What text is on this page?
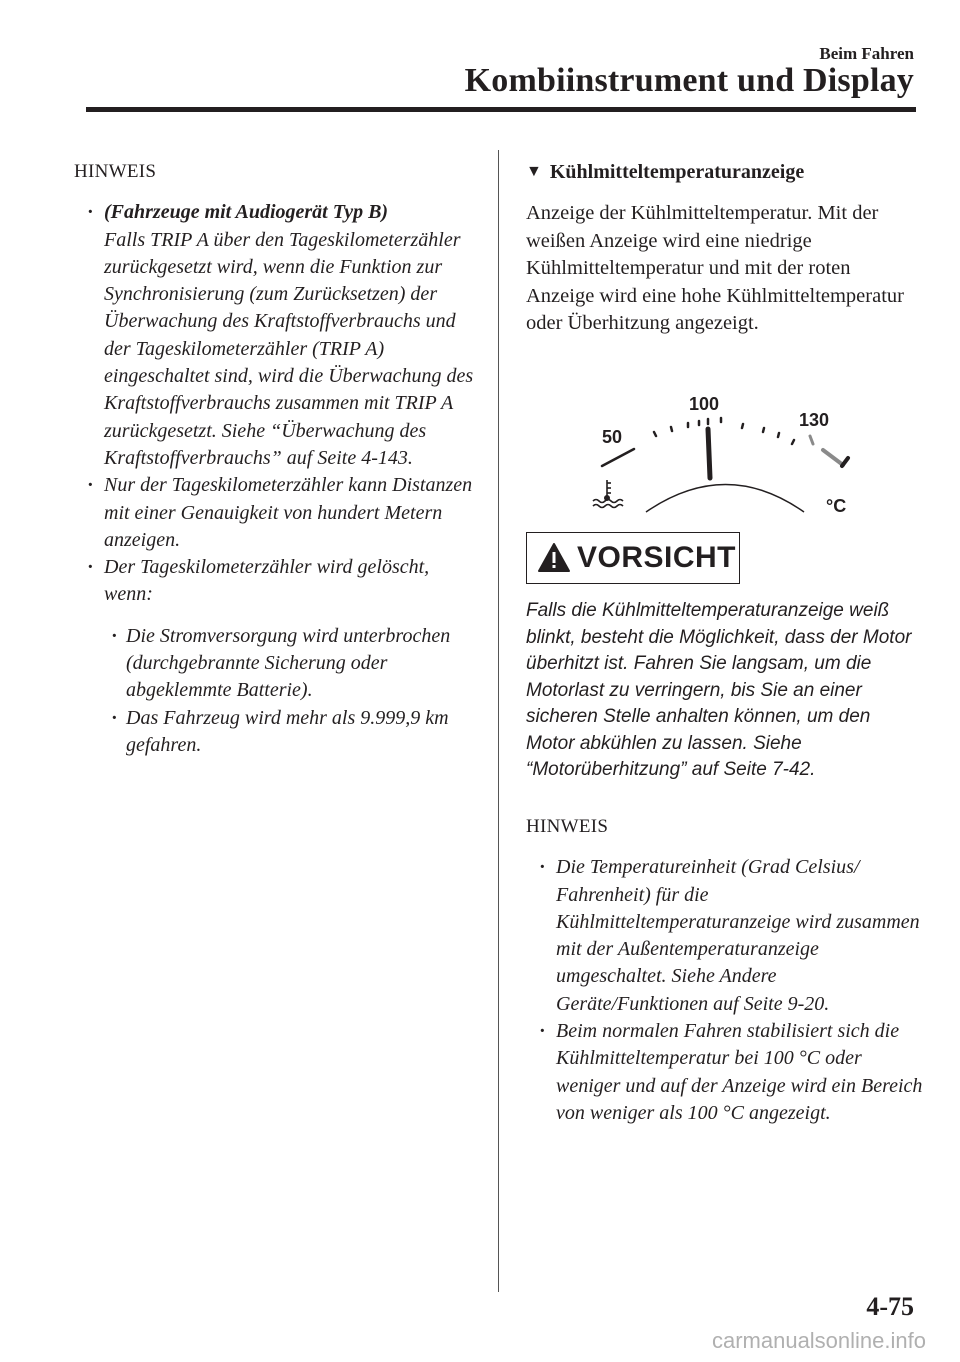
Beim Fahren
Kombiinstrument und Display
HINWEIS
· (Fahrzeuge mit Audiogerät Typ B)
Falls TRIP A über den Tageskilometerzähler zurückgesetzt wird, wenn die Funktion zur Synchronisierung (zum Zurücksetzen) der Überwachung des Kraftstoffverbrauchs und der Tageskilometerzähler (TRIP A) eingeschaltet sind, wird die Überwachung des Kraftstoffverbrauchs zusammen mit TRIP A zurückgesetzt. Siehe “Überwachung des Kraftstoffverbrauchs” auf Seite 4-143.
· Nur der Tageskilometerzähler kann Distanzen mit einer Genauigkeit von hundert Metern anzeigen.
· Der Tageskilometerzähler wird gelöscht, wenn:
· Die Stromversorgung wird unterbrochen (durchgebrannte Sicherung oder abgeklemmte Batterie).
· Das Fahrzeug wird mehr als 9.999,9 km gefahren.
▼ Kühlmitteltemperaturanzeige
Anzeige der Kühlmitteltemperatur. Mit der weißen Anzeige wird eine niedrige Kühlmitteltemperatur und mit der roten Anzeige wird eine hohe Kühlmitteltemperatur oder Überhitzung angezeigt.
50
100
130
°C
VORSICHT
Falls die Kühlmitteltemperaturanzeige weiß blinkt, besteht die Möglichkeit, dass der Motor überhitzt ist. Fahren Sie langsam, um die Motorlast zu verringern, bis Sie an einer sicheren Stelle anhalten können, um den Motor abkühlen zu lassen. Siehe “Motorüberhitzung” auf Seite 7-42.
HINWEIS
· Die Temperatureinheit (Grad Celsius/ Fahrenheit) für die Kühlmitteltemperaturanzeige wird zusammen mit der Außentemperaturanzeige umgeschaltet. Siehe Andere Geräte/Funktionen auf Seite 9-20.
· Beim normalen Fahren stabilisiert sich die Kühlmitteltemperatur bei 100 °C oder weniger und auf der Anzeige wird ein Bereich von weniger als 100 °C angezeigt.
4-75
carmanualsonline.info
